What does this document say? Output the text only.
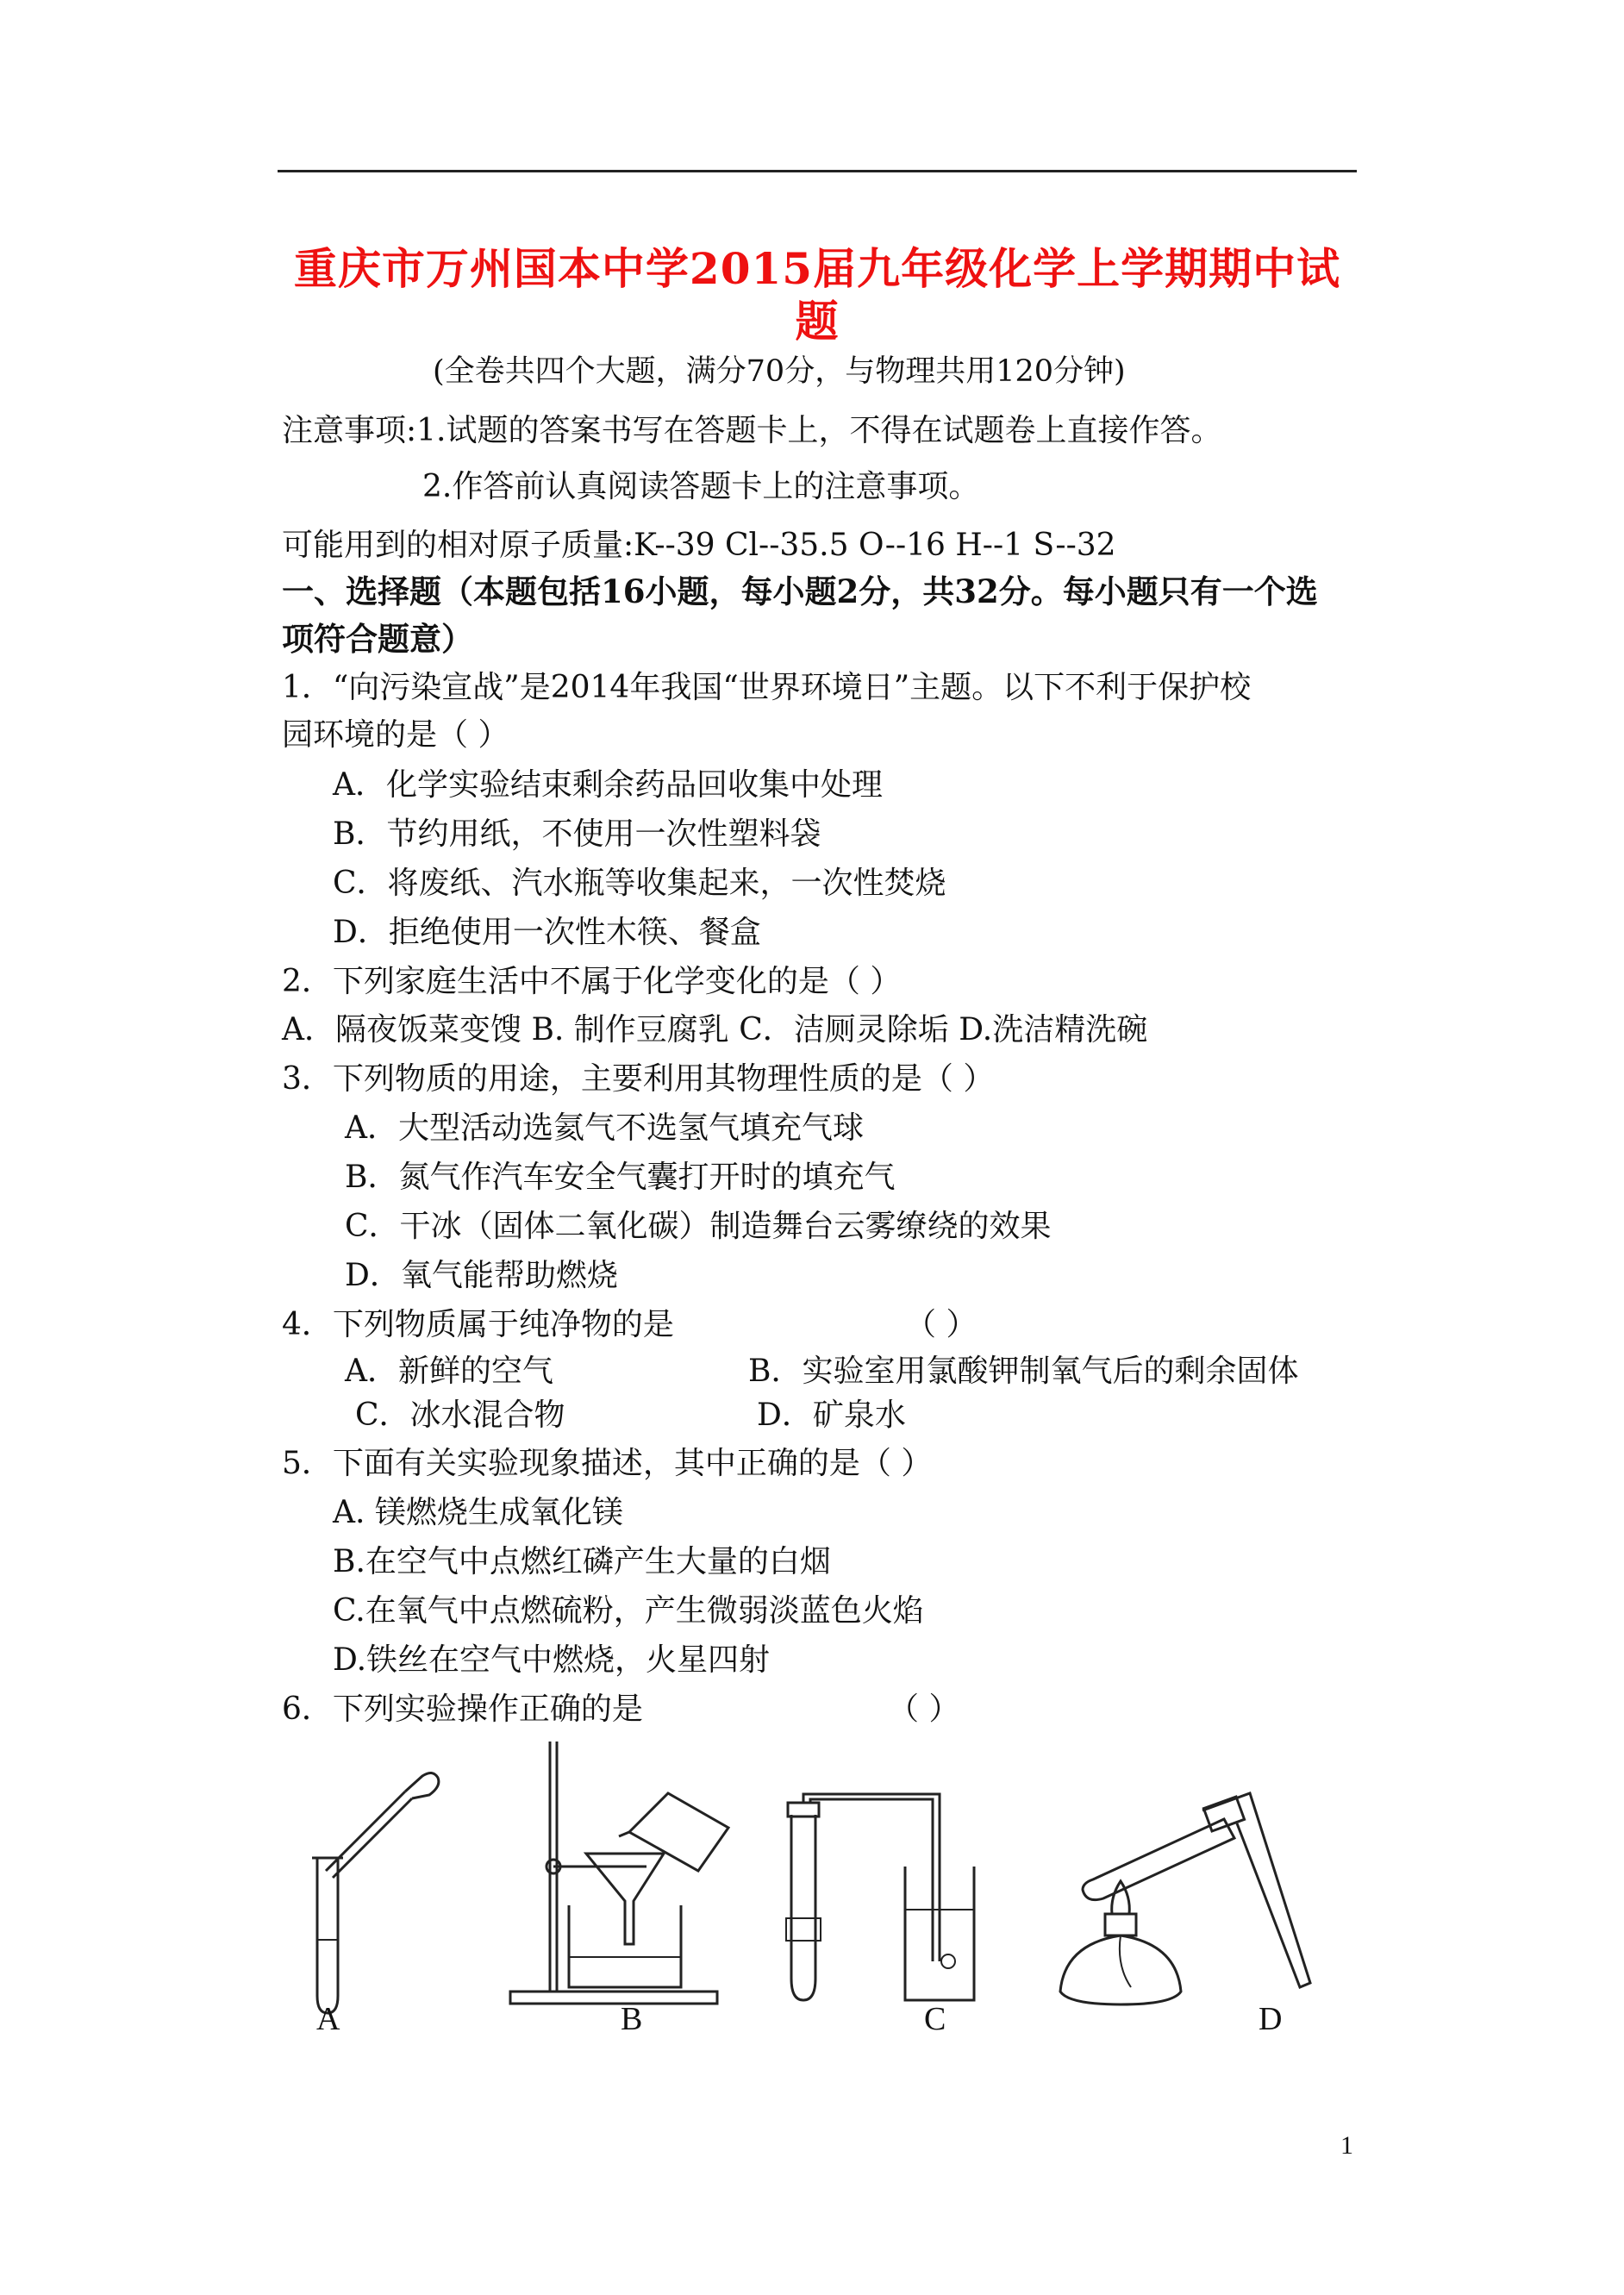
重庆市万州国本中学2015届九年级化学上学期期中试
题
(全卷共四个大题，满分70分，与物理共用120分钟)
注意事项:1.试题的答案书写在答题卡上，不得在试题卷上直接作答。
2.作答前认真阅读答题卡上的注意事项。
可能用到的相对原子质量:K--39 Cl--35.5 O--16 H--1 S--32
一、选择题（本题包括16小题，每小题2分，共32分。每小题只有一个选
项符合题意）
1．“向污染宣战”是2014年我国“世界环境日”主题。以下不利于保护校
园环境的是（ ）
A．化学实验结束剩余药品回收集中处理
B．节约用纸，不使用一次性塑料袋
C．将废纸、汽水瓶等收集起来，一次性焚烧
D．拒绝使用一次性木筷、餐盒
2．下列家庭生活中不属于化学变化的是（ ）
A．隔夜饭菜变馊 B. 制作豆腐乳 C．洁厕灵除垢 D.洗洁精洗碗
3．下列物质的用途，主要利用其物理性质的是（ ）
A．大型活动选氦气不选氢气填充气球
B．氮气作汽车安全气囊打开时的填充气
C．干冰（固体二氧化碳）制造舞台云雾缭绕的效果
D．氧气能帮助燃烧
4．下列物质属于纯净物的是	（ ）
A．新鲜的空气	B．实验室用氯酸钾制氧气后的剩余固体
C．冰水混合物	D．矿泉水
5．下面有关实验现象描述，其中正确的是（ ）
A. 镁燃烧生成氧化镁
B.在空气中点燃红磷产生大量的白烟
C.在氧气中点燃硫粉，产生微弱淡蓝色火焰
D.铁丝在空气中燃烧，火星四射
6．下列实验操作正确的是	（ ）
A	B	C	D
1
